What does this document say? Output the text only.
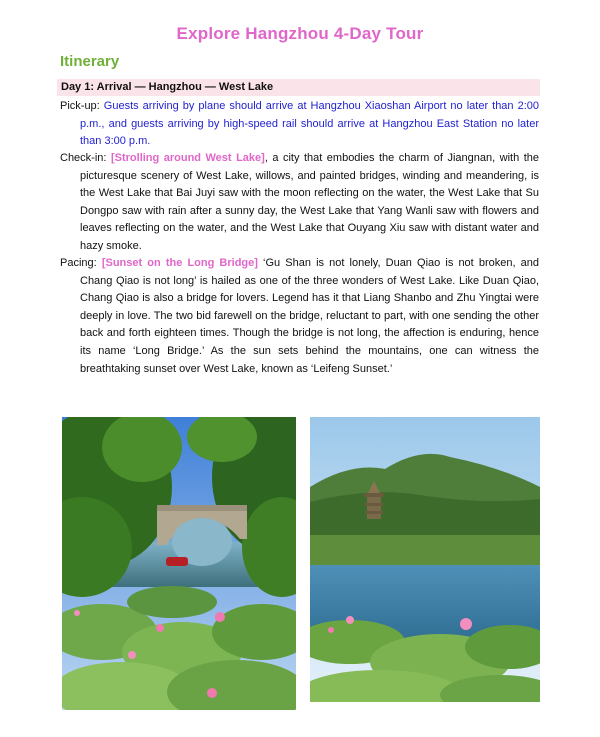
Explore Hangzhou 4-Day Tour
Itinerary
Day 1: Arrival — Hangzhou — West Lake
Pick-up: Guests arriving by plane should arrive at Hangzhou Xiaoshan Airport no later than 2:00 p.m., and guests arriving by high-speed rail should arrive at Hangzhou East Station no later than 3:00 p.m.
Check-in: [Strolling around West Lake], a city that embodies the charm of Jiangnan, with the picturesque scenery of West Lake, willows, and painted bridges, winding and meandering, is the West Lake that Bai Juyi saw with the moon reflecting on the water, the West Lake that Su Dongpo saw with rain after a sunny day, the West Lake that Yang Wanli saw with flowers and leaves reflecting on the water, and the West Lake that Ouyang Xiu saw with distant water and hazy smoke.
Pacing: [Sunset on the Long Bridge] ‘Gu Shan is not lonely, Duan Qiao is not broken, and Chang Qiao is not long’ is hailed as one of the three wonders of West Lake. Like Duan Qiao, Chang Qiao is also a bridge for lovers. Legend has it that Liang Shanbo and Zhu Yingtai were deeply in love. The two bid farewell on the bridge, reluctant to part, with one sending the other back and forth eighteen times. Though the bridge is not long, the affection is enduring, hence its name ‘Long Bridge.’ As the sun sets behind the mountains, one can witness the breathtaking sunset over West Lake, known as ‘Leifeng Sunset.’
